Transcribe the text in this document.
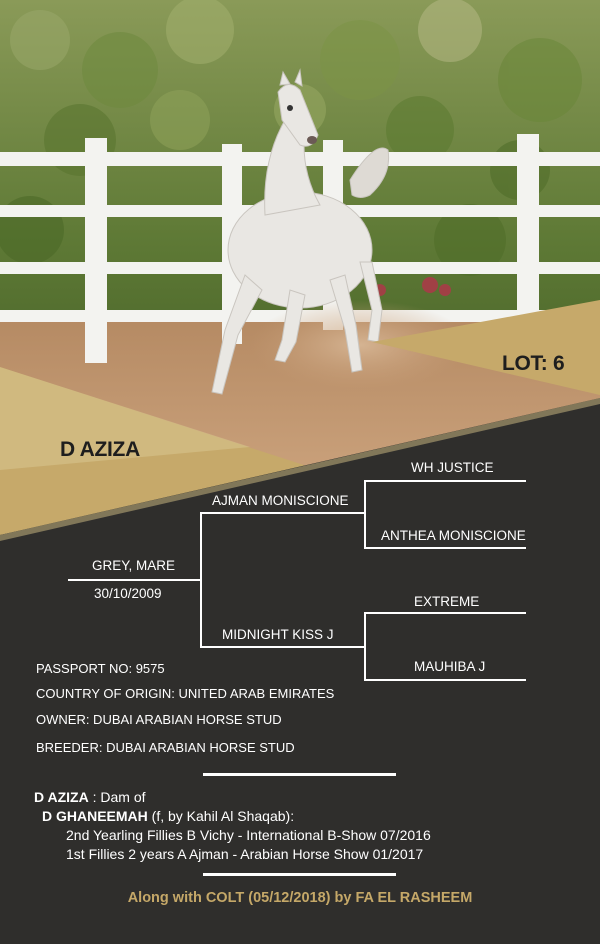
LOT: 6
D AZIZA
GREY, MARE
30/10/2009
AJMAN MONISCIONE
WH JUSTICE
ANTHEA MONISCIONE
MIDNIGHT KISS J
EXTREME
MAUHIBA J
PASSPORT NO: 9575
COUNTRY OF ORIGIN: UNITED ARAB EMIRATES
OWNER: DUBAI ARABIAN HORSE STUD
BREEDER: DUBAI ARABIAN HORSE STUD
D AZIZA : Dam of
D GHANEEMAH (f, by Kahil Al Shaqab):
2nd Yearling Fillies B Vichy - International B-Show 07/2016
1st Fillies 2 years A Ajman - Arabian Horse Show 01/2017
Along with COLT (05/12/2018) by FA EL RASHEEM
